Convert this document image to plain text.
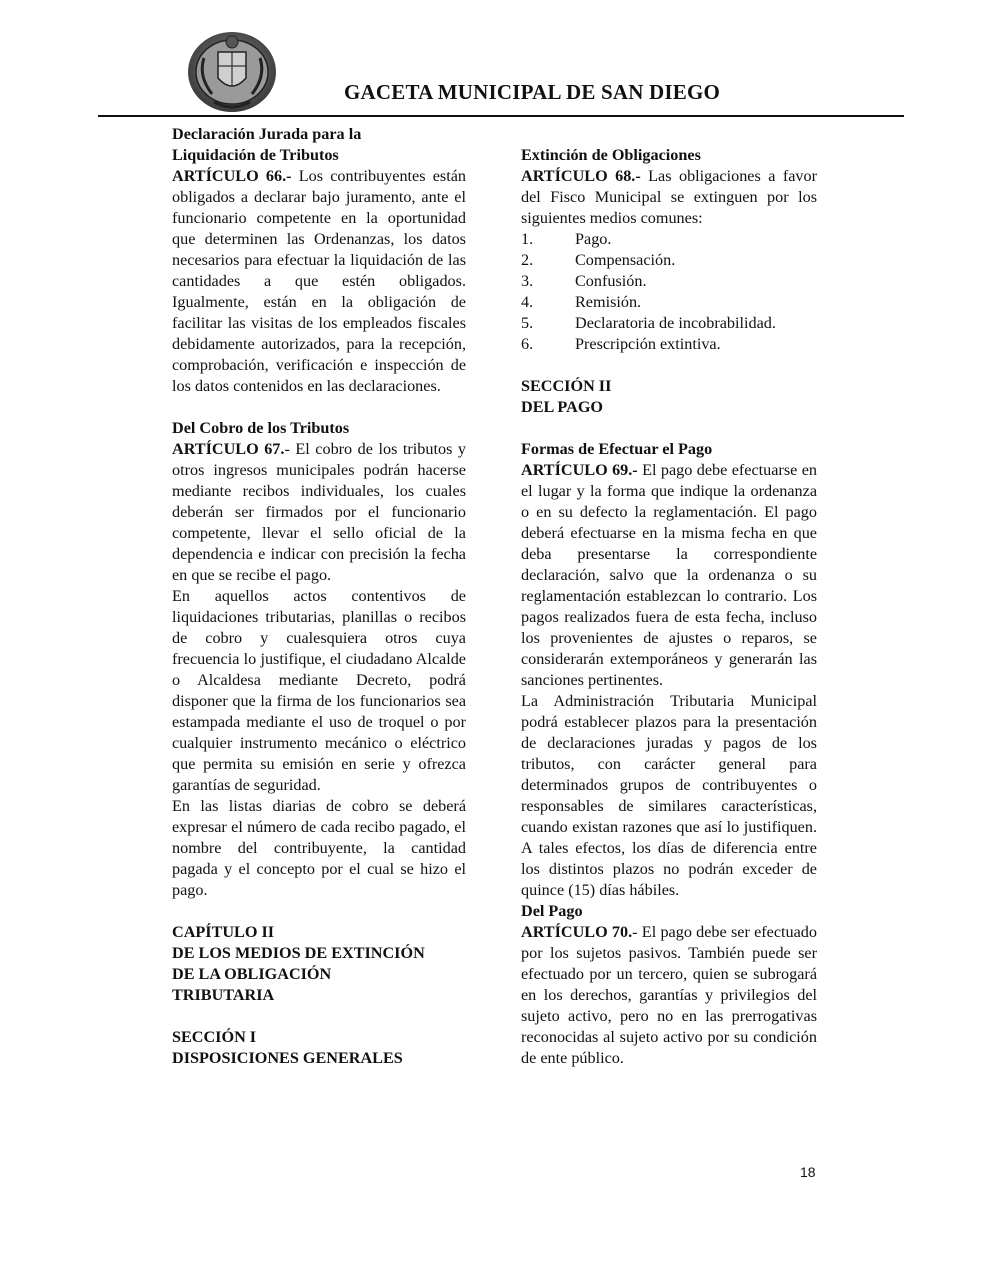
GACETA MUNICIPAL DE SAN DIEGO

Declaración Jurada para la
Liquidación de Tributos

ARTÍCULO 66.- Los contribuyentes están obligados a declarar bajo juramento, ante el funcionario competente en la oportunidad que determinen las Ordenanzas, los datos necesarios para efectuar la liquidación de las cantidades a que estén obligados. Igualmente, están en la obligación de facilitar las visitas de los empleados fiscales debidamente autorizados, para la recepción, comprobación, verificación e inspección de los datos contenidos en las declaraciones.

Del Cobro de los Tributos

ARTÍCULO 67.- El cobro de los tributos y otros ingresos municipales podrán hacerse mediante recibos individuales, los cuales deberán ser firmados por el funcionario competente, llevar el sello oficial de la dependencia e indicar con precisión la fecha en que se recibe el pago.

En aquellos actos contentivos de liquidaciones tributarias, planillas o recibos de cobro y cualesquiera otros cuya frecuencia lo justifique, el ciudadano Alcalde o Alcaldesa mediante Decreto, podrá disponer que la firma de los funcionarios sea estampada mediante el uso de troquel o por cualquier instrumento mecánico o eléctrico que permita su emisión en serie y ofrezca garantías de seguridad.

En las listas diarias de cobro se deberá expresar el número de cada recibo pagado, el nombre del contribuyente, la cantidad pagada y el concepto por el cual se hizo el pago.

CAPÍTULO II
DE LOS MEDIOS DE EXTINCIÓN
DE LA OBLIGACIÓN
TRIBUTARIA

SECCIÓN I
DISPOSICIONES GENERALES

Extinción de Obligaciones

ARTÍCULO 68.- Las obligaciones a favor del Fisco Municipal se extinguen por los siguientes medios comunes:

1.	Pago.
2.	Compensación.
3.	Confusión.
4.	Remisión.
5.	Declaratoria de incobrabilidad.
6.	Prescripción extintiva.

SECCIÓN II
DEL PAGO

Formas de Efectuar el Pago

ARTÍCULO 69.- El pago debe efectuarse en el lugar y la forma que indique la ordenanza o en su defecto la reglamentación. El pago deberá efectuarse en la misma fecha en que deba presentarse la correspondiente declaración, salvo que la ordenanza o su reglamentación establezcan lo contrario. Los pagos realizados fuera de esta fecha, incluso los provenientes de ajustes o reparos, se considerarán extemporáneos y generarán las sanciones pertinentes.

La Administración Tributaria Municipal podrá establecer plazos para la presentación de declaraciones juradas y pagos de los tributos, con carácter general para determinados grupos de contribuyentes o responsables de similares características, cuando existan razones que así lo justifiquen. A tales efectos, los días de diferencia entre los distintos plazos no podrán exceder de quince (15) días hábiles.

Del Pago

ARTÍCULO 70.- El pago debe ser efectuado por los sujetos pasivos. También puede ser efectuado por un tercero, quien se subrogará en los derechos, garantías y privilegios del sujeto activo, pero no en las prerrogativas reconocidas al sujeto activo por su condición de ente público.

18
